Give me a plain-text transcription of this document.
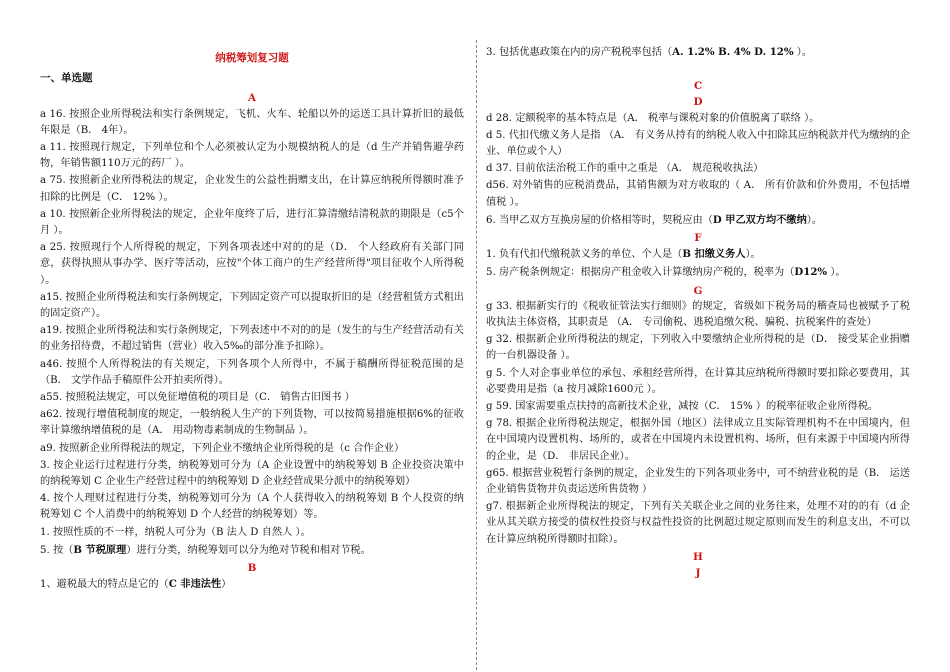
纳税筹划复习题
一、单选题
A
a 16. 按照企业所得税法和实行条例规定，飞机、火车、轮船以外的运送工具计算折旧的最低年限是（B． 4年）。
a 11. 按照现行规定，下列单位和个人必须被认定为小规模纳税人的是（d 生产并销售避孕药物，年销售额110万元的药厂 ）。
a 75. 按照新企业所得税法的规定，企业发生的公益性捐赠支出，在计算应纳税所得额时准予扣除的比例是（C． 12% ）。
a 10. 按照新企业所得税法的规定，企业年度终了后，进行汇算清缴结清税款的期限是（c5个月 ）。
a 25. 按照现行个人所得税的规定，下列各项表述中对的的是（D． 个人经政府有关部门同意，获得执照从事办学、医疗等活动，应按"个体工商户的生产经营所得"项目征收个人所得税 ）。
a15. 按照企业所得税法和实行条例规定，下列固定资产可以提取折旧的是（经营租赁方式租出的固定资产）。
a19. 按照企业所得税法和实行条例规定，下列表述中不对的的是（发生的与生产经营活动有关的业务招待费，不超过销售（营业）收入5‰的部分准予扣除）。
a46. 按照个人所得税法的有关规定，下列各项个人所得中，不属于稿酬所得征税范围的是（B． 文学作品手稿原件公开拍卖所得）。
a55. 按照税法规定，可以免征增值税的项目是（C． 销售古旧图书 ）
a62. 按现行增值税制度的规定，一般纳税人生产的下列货物，可以按简易措施根据6%的征收率计算缴纳增值税的是（A． 用动物毒素制成的生物制品 ）。
a9. 按照新企业所得税法的规定，下列企业不缴纳企业所得税的是（c 合作企业）
3. 按企业运行过程进行分类，纳税筹划可分为（A 企业设置中的纳税筹划 B 企业投资决策中的纳税筹划 C 企业生产经营过程中的纳税筹划 D 企业经营成果分派中的纳税筹划）
4. 按个人理财过程进行分类，纳税筹划可分为（A 个人获得收入的纳税筹划 B 个人投资的纳税筹划 C 个人消费中的纳税筹划 D 个人经营的纳税筹划）等。
1. 按照性质的不一样，纳税人可分为（B 法人 D 自然人 ）。
5. 按（B 节税原理）进行分类，纳税筹划可以分为绝对节税和相对节税。
B
1、避税最大的特点是它的（C 非违法性）
3. 包括优惠政策在内的房产税税率包括（A. 1.2% B. 4% D. 12% ）。
C
D
d 28. 定额税率的基本特点是（A． 税率与课税对象的价值脱离了联络 ）。
d 5. 代扣代缴义务人是指 （A． 有义务从持有的纳税人收入中扣除其应纳税款并代为缴纳的企业、单位或个人）
d 37. 目前依法治税工作的重中之重是 （A． 规范税收执法）
d56. 对外销售的应税消费品，其销售额为对方收取的（ A． 所有价款和价外费用，不包括增值税 ）。
6. 当甲乙双方互换房屋的价格相等时，契税应由（D 甲乙双方均不缴纳）。
F
1. 负有代扣代缴税款义务的单位、个人是（B 扣缴义务人）。
5. 房产税条例规定：根据房产租金收入计算缴纳房产税的，税率为（D12% ）。
G
g 33. 根据新实行的《税收征管法实行细则》的规定，省级如下税务局的稽查局也被赋予了税收执法主体资格，其职责是 （A． 专司偷税、逃税追缴欠税、骗税、抗税案件的查处）
g 32. 根据新企业所得税法的规定，下列收入中要缴纳企业所得税的是（D． 接受某企业捐赠的一台机器设备 ）。
g 5. 个人对企事业单位的承包、承租经营所得，在计算其应纳税所得额时要扣除必要费用，其必要费用是指（a 按月减除1600元 ）。
g 59. 国家需要重点扶持的高新技术企业，减按（C． 15% ）的税率征收企业所得税。
g 78. 根据企业所得税法规定，根据外国（地区）法律成立且实际管理机构不在中国境内，但在中国境内设置机构、场所的，或者在中国境内未设置机构、场所，但有来源于中国境内所得的企业，是（D． 非居民企业）。
g65. 根据营业税暂行条例的规定，企业发生的下列各项业务中，可不纳营业税的是（B． 运送企业销售货物并负责运送所售货物 ）
g7. 根据新企业所得税法的规定，下列有关关联企业之间的业务往来，处理不对的的有（d 企业从其关联方接受的债权性投资与权益性投资的比例超过规定原则而发生的利息支出，不可以在计算应纳税所得额时扣除）。
H
J
